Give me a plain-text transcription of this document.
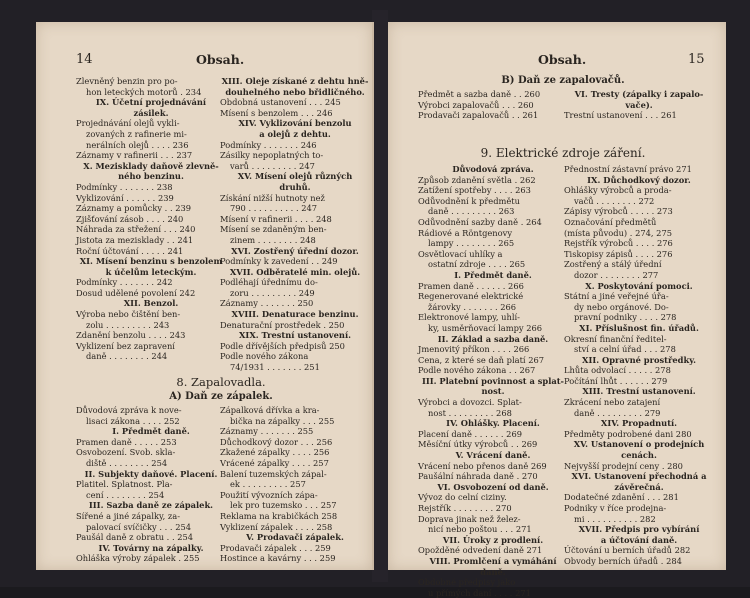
14	Obsah.
Zlevněný benzin pro po-
hon leteckých motorů . 234
IX. Účetní projednávání
zásilek.
Projednávání olejů vykli-
zovaných z rafinerie mi-
nerálních olejů . . . . 236
Záznamy v rafinerii . . . 237
X. Mezisklady daňově zlevně-
ného benzinu.
Podmínky . . . . . . . 238
Vyklizování . . . . . . 239
Záznamy a pomůcky . . 239
Zjišťování zásob . . . . 240
Náhrada za střežení . . . 240
Jistota za mezisklady . . 241
Roční účtování . . . . . 241
XI. Mísení benzinu s benzolem
k účelům leteckým.
Podmínky . . . . . . . 242
Dosud udělené povolení 242
XII. Benzol.
Výroba nebo čištění ben-
zolu . . . . . . . . . 243
Zdanění benzolu . . . . 243
Vyklizení bez zapravení
daně . . . . . . . . 244
XIII. Oleje získané z dehtu hně-
douhelného nebo břidličného.
Obdobná ustanovení . . . 245
Mísení s benzolem . . . 246
XIV. Vyklizování benzolu
a olejů z dehtu.
Podmínky . . . . . . . 246
Zásilky nepoplatných to-
varů . . . . . . . . . 247
XV. Mísení olejů různých
druhů.
Získání nižší hutnoty než
790 . . . . . . . . . . 247
Mísení v rafinerii . . . . 248
Mísení se zdaněným ben-
zinem . . . . . . . . 248
XVI. Zostřený úřední dozor.
Podmínky k zavedení . . 249
XVII. Odběratelé min. olejů.
Podléhají úřednímu do-
zoru . . . . . . . . . 249
Záznamy . . . . . . . 250
XVIII. Denaturace benzinu.
Denaturační prostředek . 250
XIX. Trestní ustanovení.
Podle dřívějších předpisů 250
Podle nového zákona
74/1931 . . . . . . . 251
8. Zapalovadla.
A) Daň ze zápalek.
Důvodová zpráva k nove-
lisaci zákona . . . . 252
I. Předmět daně.
Pramen daně . . . . . 253
Osvobození. Svob. skla-
diště . . . . . . . . 254
II. Subjekty daňové. Placení.
Platitel. Splatnost. Pla-
cení . . . . . . . . 254
III. Sazba daně ze zápalek.
Sířené a jiné zápalky, za-
palovací svíčičky . . . 254
Paušál daně z obratu . . 254
IV. Továrny na zápalky.
Ohláška výroby zápalek . 255
Zápalková dřívka a kra-
bička na zápalky . . . 255
Záznamy . . . . . . . 255
Důchodkový dozor . . . 256
Zkažené zápalky . . . . 256
Vrácené zápalky . . . . 257
Balení tuzemských zápal-
ek . . . . . . . . . 257
Použití vývozních zápa-
lek pro tuzemsko . . . 257
Reklama na krabičkách 258
Vyklizení zápalek . . . . 258
V. Prodavači zápalek.
Prodavači zápalek . . . 259
Hostince a kavárny . . . 259
Obsah.	15
B) Daň ze zapalovačů.
Předmět a sazba daně . . 260
Výrobci zapalovačů . . . 260
Prodavači zapalovačů . . 261
VI. Tresty (zápalky i zapalo-
vače).
Trestní ustanovení . . . 261
9. Elektrické zdroje záření.
Důvodová zpráva.
Způsob zdanění světla . 262
Zatížení spotřeby . . . . 263
Odůvodnění k předmětu
daně . . . . . . . . . 263
Odůvodnění sazby daně . 264
Rádiové a Röntgenovy
lampy . . . . . . . . 265
Osvětlovací uhlíky a
ostatní zdroje . . . . 265
I. Předmět daně.
Pramen daně . . . . . . 266
Regenerované elektrické
žárovky . . . . . . . 266
Elektronové lampy, uhlí-
ky, usměrňovací lampy 266
II. Základ a sazba daně.
Jmenovitý příkon . . . . 266
Cena, z které se daň platí 267
Podle nového zákona . . 267
III. Platební povinnost a splat-
nost.
Výrobci a dovozci. Splat-
nost . . . . . . . . . 268
IV. Ohlášky. Placení.
Placení daně . . . . . . 269
Měsíční útky výrobců . . 269
V. Vrácení daně.
Vrácení nebo přenos daně 269
Paušální náhrada daně . 270
VI. Osvobození od daně.
Vývoz do celní ciziny.
Rejstřík . . . . . . . . 270
Doprava jinak než želez-
nicí nebo poštou . . . 271
VII. Úroky z prodlení.
Opožděné odvedení daně 271
VIII. Promlčení a vymáhání
daně.
Obdobné předpisy jako
u přímých daní . . . . 271
Přednostní zástavní právo 271
IX. Důchodkový dozor.
Ohlášky výrobců a proda-
vačů . . . . . . . . 272
Zápisy výrobců . . . . . 273
Označování předmětů
(místa původu) . 274, 275
Rejstřík výrobců . . . . 276
Tiskopisy zápisů . . . . 276
Zostřený a stálý úřední
dozor . . . . . . . . 277
X. Poskytování pomoci.
Státní a jiné veřejné úřa-
dy nebo orgánové. Do-
pravní podniky . . . . 278
XI. Příslušnost fin. úřadů.
Okresní finanční ředitel-
ství a celní úřad . . . 278
XII. Opravné prostředky.
Lhůta odvolací . . . . . 278
Počítání lhůt . . . . . . 279
XIII. Trestní ustanovení.
Zkrácení nebo zatajení
daně . . . . . . . . . 279
XIV. Propadnutí.
Předměty podrobené dani 280
XV. Ustanovení o prodejních
cenách.
Nejvyšší prodejní ceny . 280
XVI. Ustanovení přechodná a
závěrečná.
Dodatečné zdanění . . . 281
Podniky v říce prodejna-
mi . . . . . . . . . . 282
XVII. Předpis pro vybírání
a účtování daně.
Účtování u berních úřadů 282
Obvody berních úřadů . 284
